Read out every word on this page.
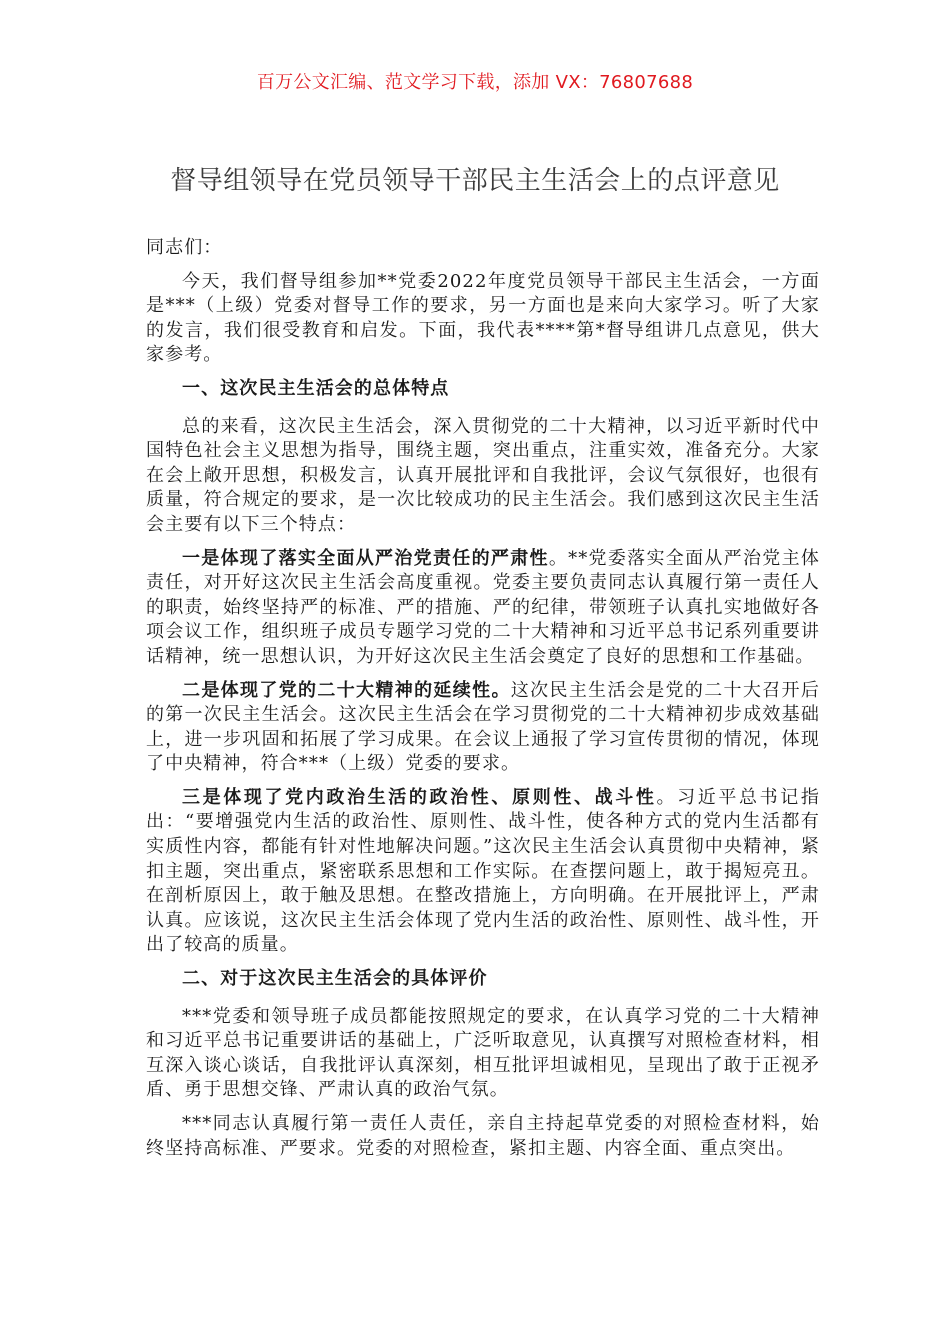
百万公文汇编、范文学习下载，添加 VX：76807688
督导组领导在党员领导干部民主生活会上的点评意见

同志们：

今天，我们督导组参加**党委2022年度党员领导干部民主生活会，一方面是***（上级）党委对督导工作的要求，另一方面也是来向大家学习。听了大家的发言，我们很受教育和启发。下面，我代表****第*督导组讲几点意见，供大家参考。

一、这次民主生活会的总体特点

总的来看，这次民主生活会，深入贯彻党的二十大精神，以习近平新时代中国特色社会主义思想为指导，围绕主题，突出重点，注重实效，准备充分。大家在会上敞开思想，积极发言，认真开展批评和自我批评，会议气氛很好，也很有质量，符合规定的要求，是一次比较成功的民主生活会。我们感到这次民主生活会主要有以下三个特点：

一是体现了落实全面从严治党责任的严肃性。**党委落实全面从严治党主体责任，对开好这次民主生活会高度重视。党委主要负责同志认真履行第一责任人的职责，始终坚持严的标准、严的措施、严的纪律，带领班子认真扎实地做好各项会议工作，组织班子成员专题学习党的二十大精神和习近平总书记系列重要讲话精神，统一思想认识，为开好这次民主生活会奠定了良好的思想和工作基础。

二是体现了党的二十大精神的延续性。这次民主生活会是党的二十大召开后的第一次民主生活会。这次民主生活会在学习贯彻党的二十大精神初步成效基础上，进一步巩固和拓展了学习成果。在会议上通报了学习宣传贯彻的情况，体现了中央精神，符合***（上级）党委的要求。

三是体现了党内政治生活的政治性、原则性、战斗性。习近平总书记指出：“要增强党内生活的政治性、原则性、战斗性，使各种方式的党内生活都有实质性内容，都能有针对性地解决问题。”这次民主生活会认真贯彻中央精神，紧扣主题，突出重点，紧密联系思想和工作实际。在查摆问题上，敢于揭短亮丑。在剖析原因上，敢于触及思想。在整改措施上，方向明确。在开展批评上，严肃认真。应该说，这次民主生活会体现了党内生活的政治性、原则性、战斗性，开出了较高的质量。

二、对于这次民主生活会的具体评价

***党委和领导班子成员都能按照规定的要求，在认真学习党的二十大精神和习近平总书记重要讲话的基础上，广泛听取意见，认真撰写对照检查材料，相互深入谈心谈话，自我批评认真深刻，相互批评坦诚相见，呈现出了敢于正视矛盾、勇于思想交锋、严肃认真的政治气氛。

***同志认真履行第一责任人责任，亲自主持起草党委的对照检查材料，始终坚持高标准、严要求。党委的对照检查，紧扣主题、内容全面、重点突出。
